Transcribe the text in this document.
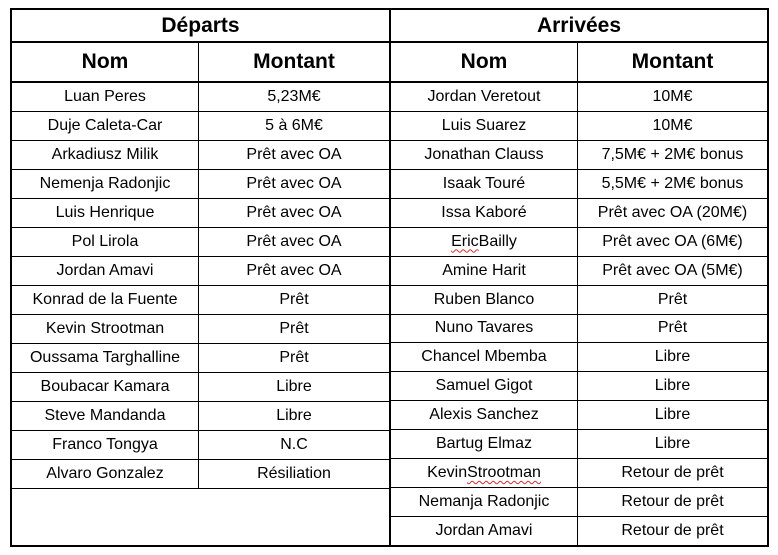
Départs
Nom	Montant
Luan Peres	5,23M€
Duje Caleta-Car	5 à 6M€
Arkadiusz Milik	Prêt avec OA
Nemenja Radonjic	Prêt avec OA
Luis Henrique	Prêt avec OA
Pol Lirola	Prêt avec OA
Jordan Amavi	Prêt avec OA
Konrad de la Fuente	Prêt
Kevin Strootman	Prêt
Oussama Targhalline	Prêt
Boubacar Kamara	Libre
Steve Mandanda	Libre
Franco Tongya	N.C
Alvaro Gonzalez	Résiliation
Arrivées
Nom	Montant
Jordan Veretout	10M€
Luis Suarez	10M€
Jonathan Clauss	7,5M€ + 2M€ bonus
Isaak Touré	5,5M€ + 2M€ bonus
Issa Kaboré	Prêt avec OA (20M€)
Eric Bailly	Prêt avec OA (6M€)
Amine Harit	Prêt avec OA (5M€)
Ruben Blanco	Prêt
Nuno Tavares	Prêt
Chancel Mbemba	Libre
Samuel Gigot	Libre
Alexis Sanchez	Libre
Bartug Elmaz	Libre
Kevin Strootman	Retour de prêt
Nemanja Radonjic	Retour de prêt
Jordan Amavi	Retour de prêt
